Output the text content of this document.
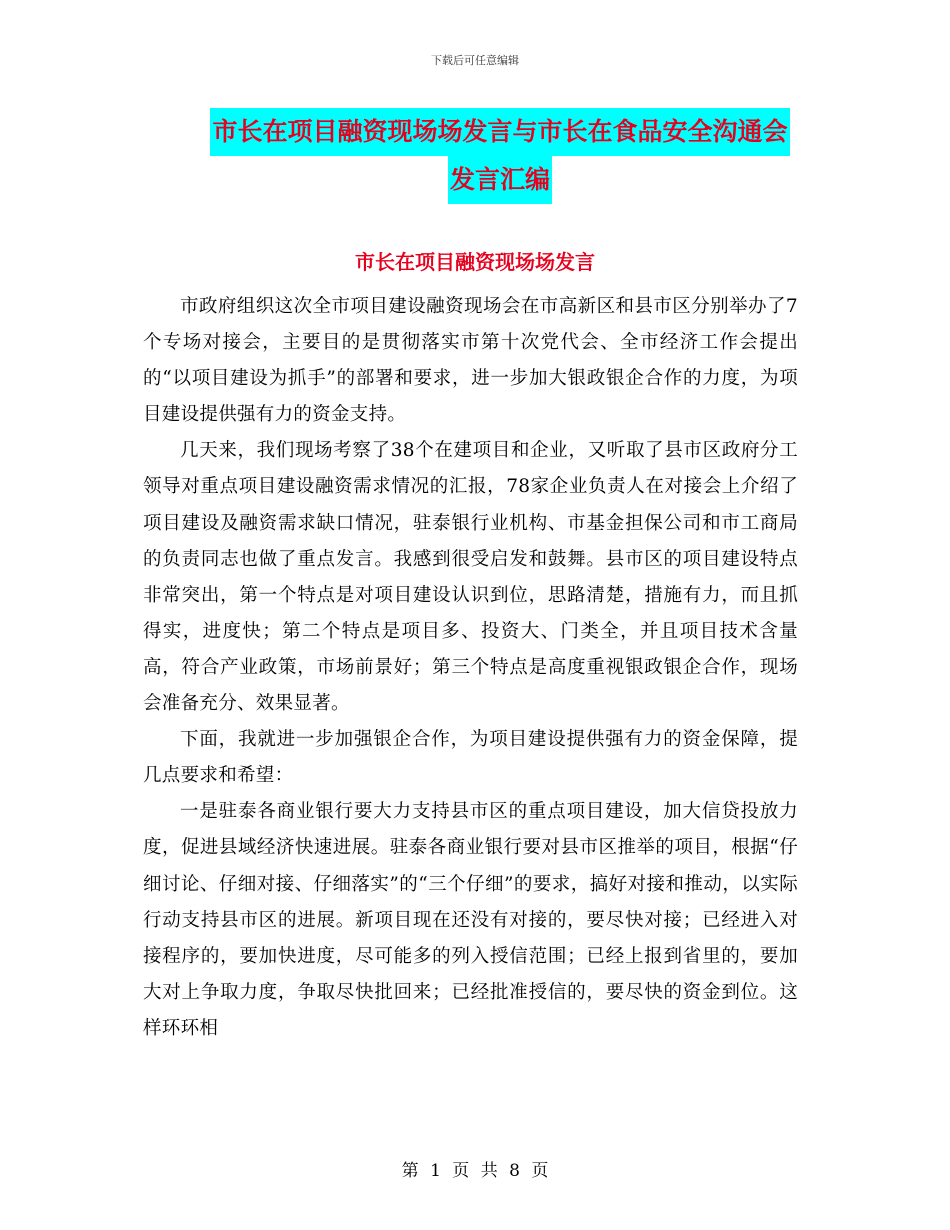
下载后可任意编辑
市长在项目融资现场场发言与市长在食品安全沟通会
发言汇编
市长在项目融资现场场发言

市政府组织这次全市项目建设融资现场会在市高新区和县市区分别举办了7个专场对接会，主要目的是贯彻落实市第十次党代会、全市经济工作会提出的“以项目建设为抓手”的部署和要求，进一步加大银政银企合作的力度，为项目建设提供强有力的资金支持。

几天来，我们现场考察了38个在建项目和企业，又听取了县市区政府分工领导对重点项目建设融资需求情况的汇报，78家企业负责人在对接会上介绍了项目建设及融资需求缺口情况，驻泰银行业机构、市基金担保公司和市工商局的负责同志也做了重点发言。我感到很受启发和鼓舞。县市区的项目建设特点非常突出，第一个特点是对项目建设认识到位，思路清楚，措施有力，而且抓得实，进度快；第二个特点是项目多、投资大、门类全，并且项目技术含量高，符合产业政策，市场前景好；第三个特点是高度重视银政银企合作，现场会准备充分、效果显著。

下面，我就进一步加强银企合作，为项目建设提供强有力的资金保障，提几点要求和希望：

一是驻泰各商业银行要大力支持县市区的重点项目建设，加大信贷投放力度，促进县域经济快速进展。驻泰各商业银行要对县市区推举的项目，根据“仔细讨论、仔细对接、仔细落实”的“三个仔细”的要求，搞好对接和推动，以实际行动支持县市区的进展。新项目现在还没有对接的，要尽快对接；已经进入对接程序的，要加快进度，尽可能多的列入授信范围；已经上报到省里的，要加大对上争取力度，争取尽快批回来；已经批准授信的，要尽快的资金到位。这样环环相

第 1 页 共 8 页
